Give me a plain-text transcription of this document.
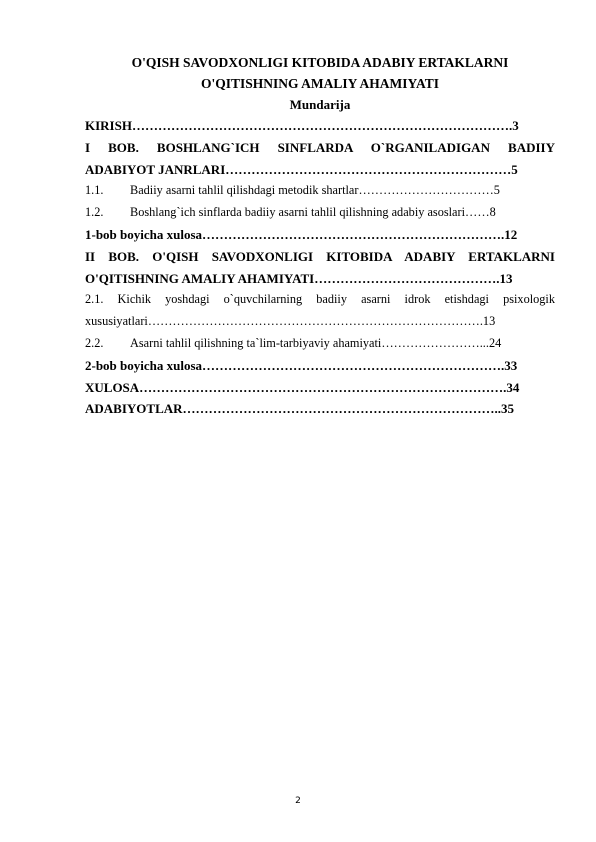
O'QISH SAVODXONLIGI KITOBIDA ADABIY ERTAKLARNI
O'QITISHNING AMALIY AHAMIYATI
Mundarija
KIRISH…………………………………………………………………………….3
I BOB. BOSHLANG`ICH SINFLARDA O`RGANILADIGAN BADIIY
ADABIYOT JANRLARI…………………………………………………………5
1.1. Badiiy asarni tahlil qilishdagi metodik shartlar……………………………5
1.2. Boshlang`ich sinflarda badiiy asarni tahlil qilishning adabiy asoslari……8
1-bob boyicha xulosa…………………………………………………………….12
II BOB. O'QISH SAVODXONLIGI KITOBIDA ADABIY ERTAKLARNI
O'QITISHNING AMALIY AHAMIYATI…………………………………….13
2.1. Kichik yoshdagi o`quvchilarning badiiy asarni idrok etishdagi psixologik
xususiyatlari……………………………………………………………………….13
2.2. Asarni tahlil qilishning ta`lim-tarbiyaviy ahamiyati……………………...24
2-bob boyicha xulosa…………………………………………………………….33
XULOSA………………………………………………………………………….34
ADABIYOTLAR………………………………………………………………..35
2
